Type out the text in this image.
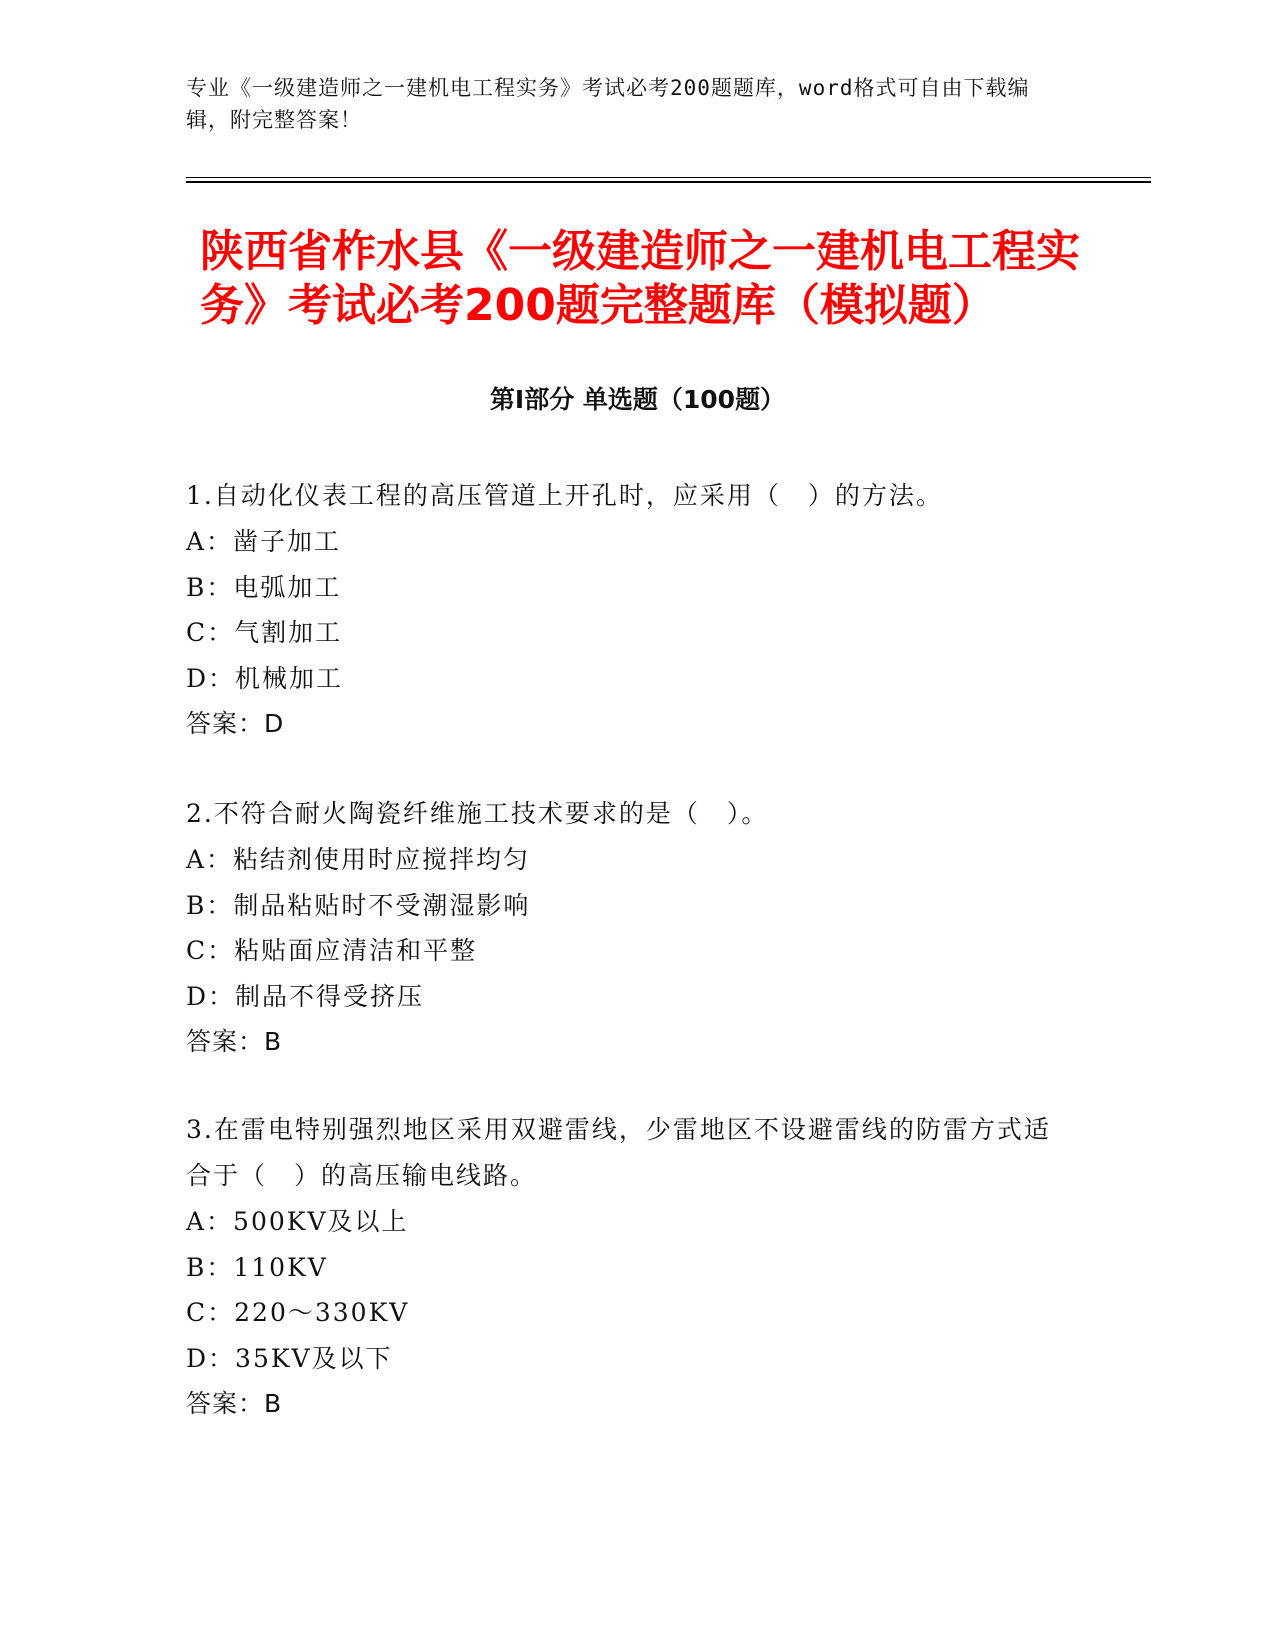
专业《一级建造师之一建机电工程实务》考试必考200题题库，word格式可自由下载编辑，附完整答案！
陕西省柞水县《一级建造师之一建机电工程实务》考试必考200题完整题库（模拟题）
第I部分 单选题（100题）

1.自动化仪表工程的高压管道上开孔时，应采用（　）的方法。

A：凿子加工

B：电弧加工

C：气割加工

D：机械加工

答案：D

2.不符合耐火陶瓷纤维施工技术要求的是（　）。

A：粘结剂使用时应搅拌均匀

B：制品粘贴时不受潮湿影响

C：粘贴面应清洁和平整

D：制品不得受挤压

答案：B

3.在雷电特别强烈地区采用双避雷线，少雷地区不设避雷线的防雷方式适合于（　）的高压输电线路。

A：500KV及以上

B：110KV

C：220～330KV

D：35KV及以下

答案：B
